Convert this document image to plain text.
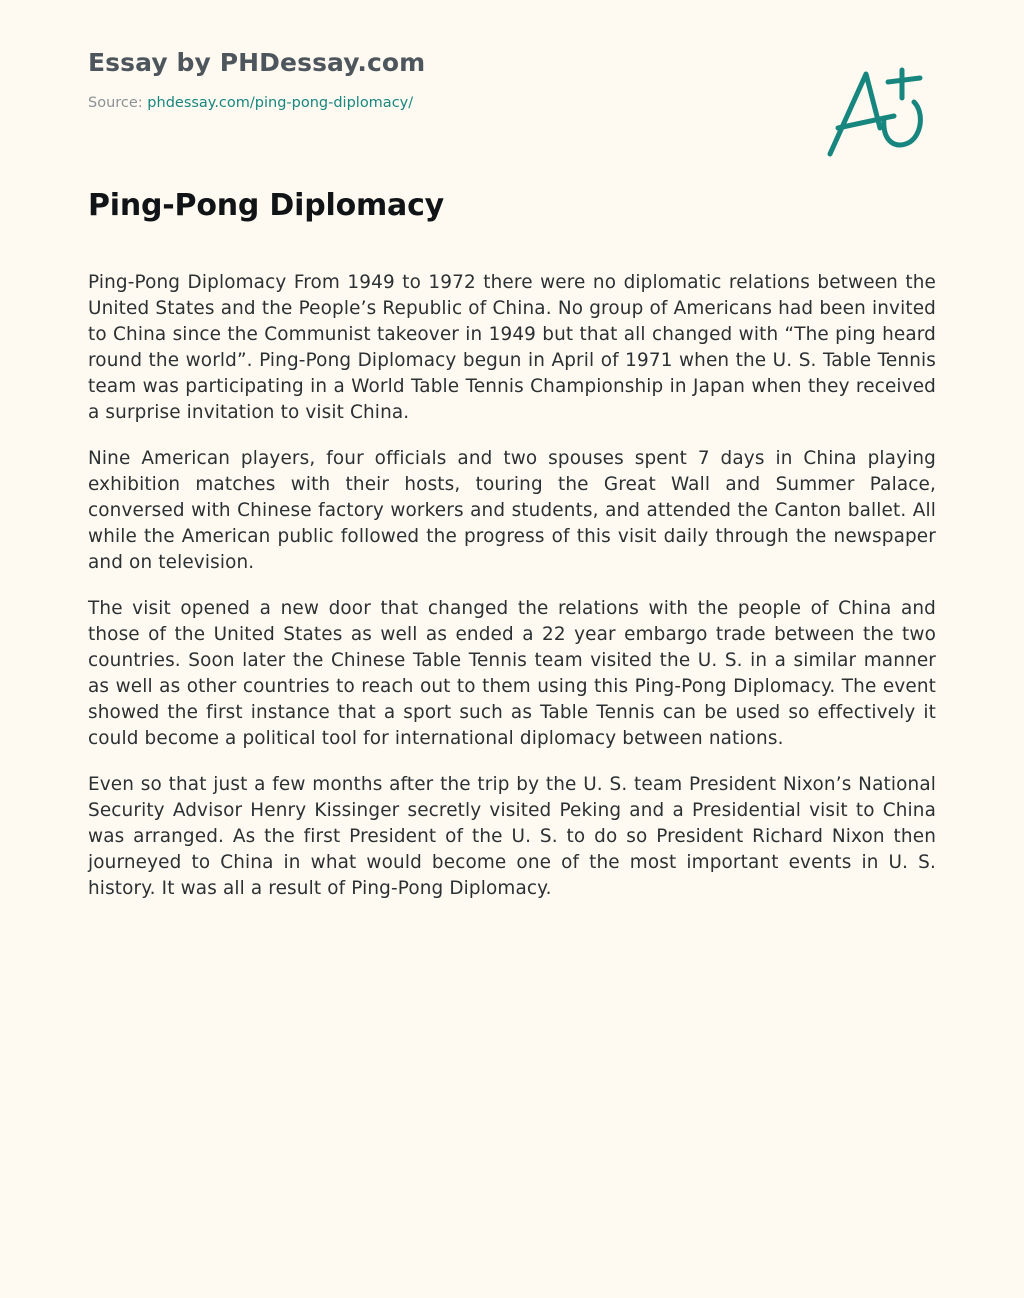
Essay by PHDessay.com
Source: phdessay.com/ping-pong-diplomacy/
Ping-Pong Diplomacy

Ping-Pong Diplomacy From 1949 to 1972 there were no diplomatic relations between the United States and the People’s Republic of China. No group of Americans had been invited to China since the Communist takeover in 1949 but that all changed with “The ping heard round the world”. Ping-Pong Diplomacy begun in April of 1971 when the U. S. Table Tennis team was participating in a World Table Tennis Championship in Japan when they received a surprise invitation to visit China.

Nine American players, four officials and two spouses spent 7 days in China playing exhibition matches with their hosts, touring the Great Wall and Summer Palace, conversed with Chinese factory workers and students, and attended the Canton ballet. All while the American public followed the progress of this visit daily through the newspaper and on television.

The visit opened a new door that changed the relations with the people of China and those of the United States as well as ended a 22 year embargo trade between the two countries. Soon later the Chinese Table Tennis team visited the U. S. in a similar manner as well as other countries to reach out to them using this Ping-Pong Diplomacy. The event showed the first instance that a sport such as Table Tennis can be used so effectively it could become a political tool for international diplomacy between nations.

Even so that just a few months after the trip by the U. S. team President Nixon’s National Security Advisor Henry Kissinger secretly visited Peking and a Presidential visit to China was arranged. As the first President of the U. S. to do so President Richard Nixon then journeyed to China in what would become one of the most important events in U. S. history. It was all a result of Ping-Pong Diplomacy.
